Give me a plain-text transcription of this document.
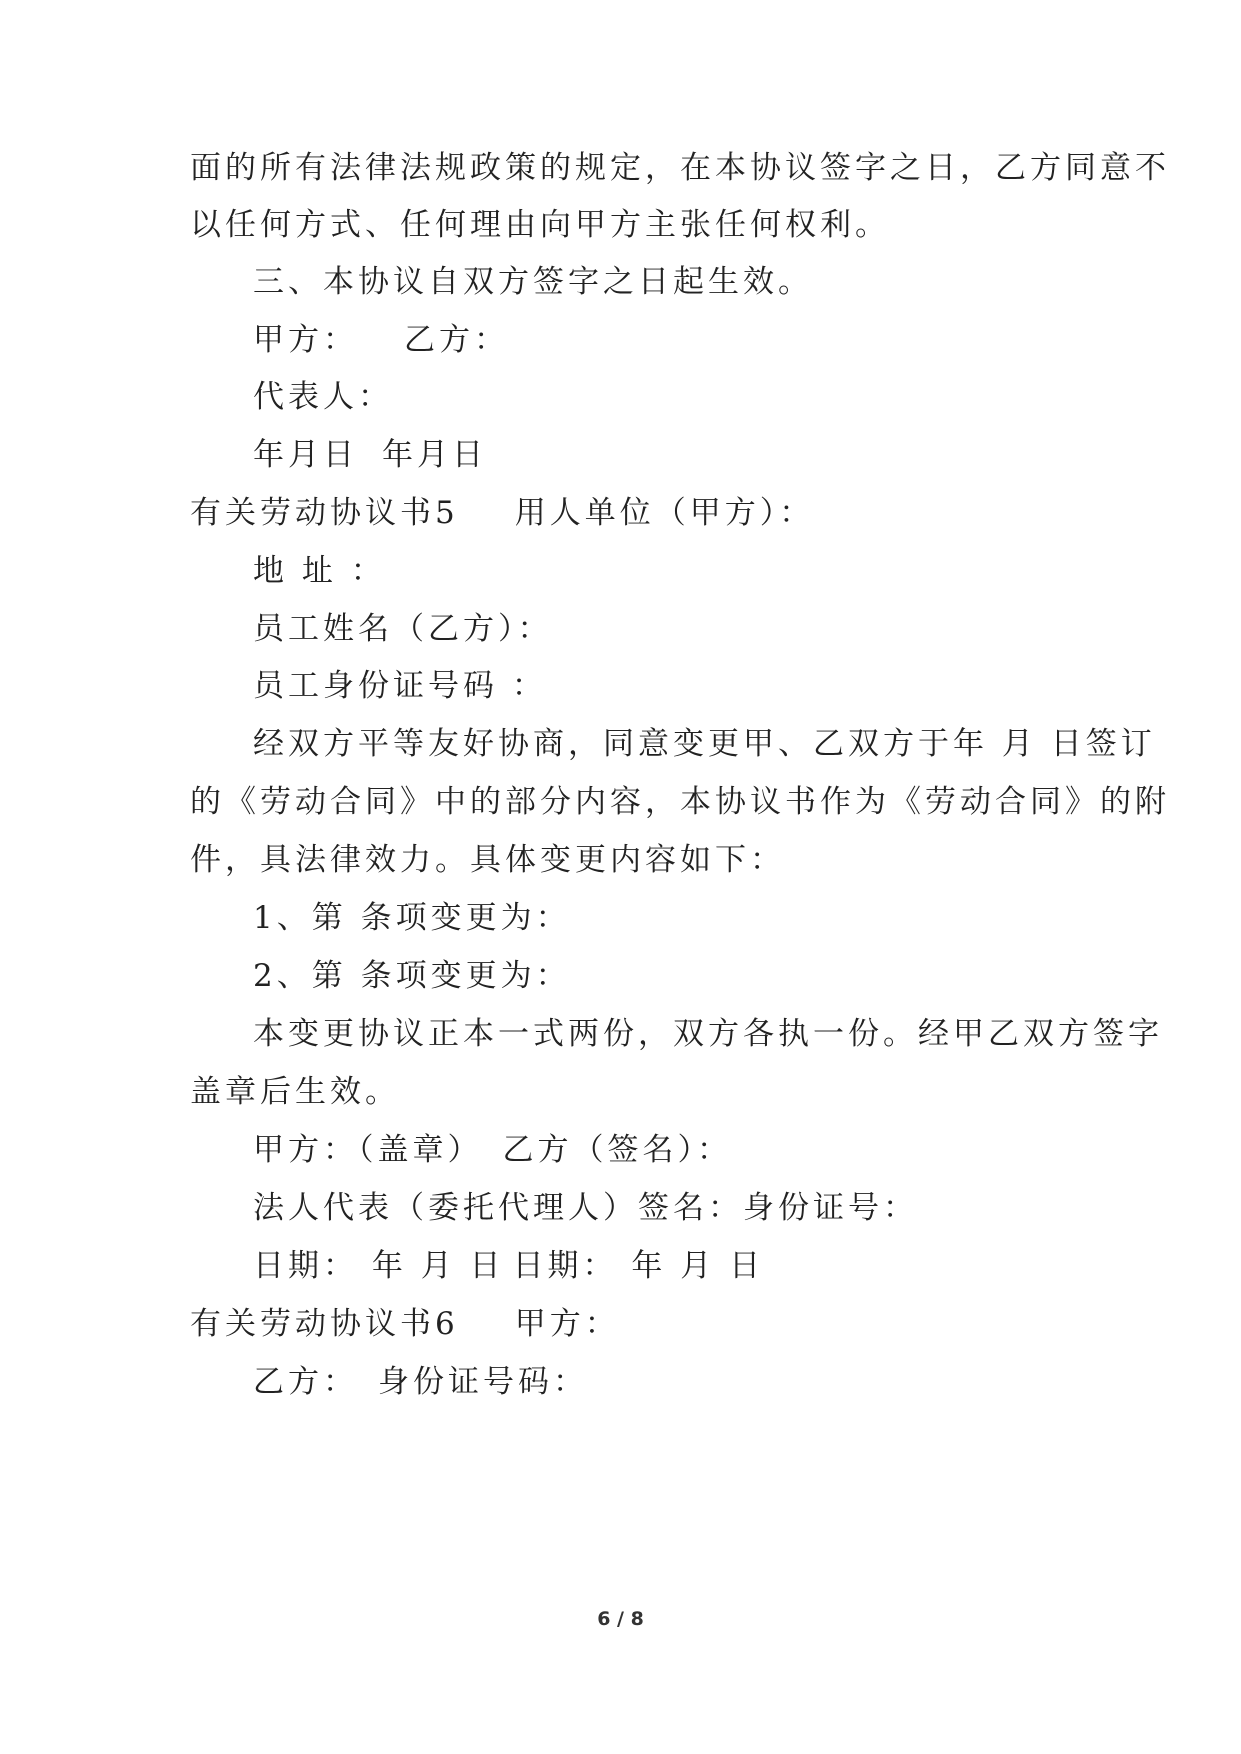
面的所有法律法规政策的规定，在本协议签字之日，乙方同意不
以任何方式、任何理由向甲方主张任何权利。
三、本协议自双方签字之日起生效。
甲方： 乙方：
代表人：
年月日 年月日
有关劳动协议书5 用人单位（甲方）：
地 址 ：
员工姓名（乙方）：
员工身份证号码 ：
经双方平等友好协商，同意变更甲、乙双方于年 月 日签订
的《劳动合同》中的部分内容，本协议书作为《劳动合同》的附
件，具法律效力。具体变更内容如下：
1、第 条项变更为：
2、第 条项变更为：
本变更协议正本一式两份，双方各执一份。经甲乙双方签字
盖章后生效。
甲方：（盖章） 乙方（签名）：
法人代表（委托代理人）签名：身份证号：
日期： 年 月 日 日期： 年 月 日
有关劳动协议书6 甲方：
乙方： 身份证号码：
6 / 8
